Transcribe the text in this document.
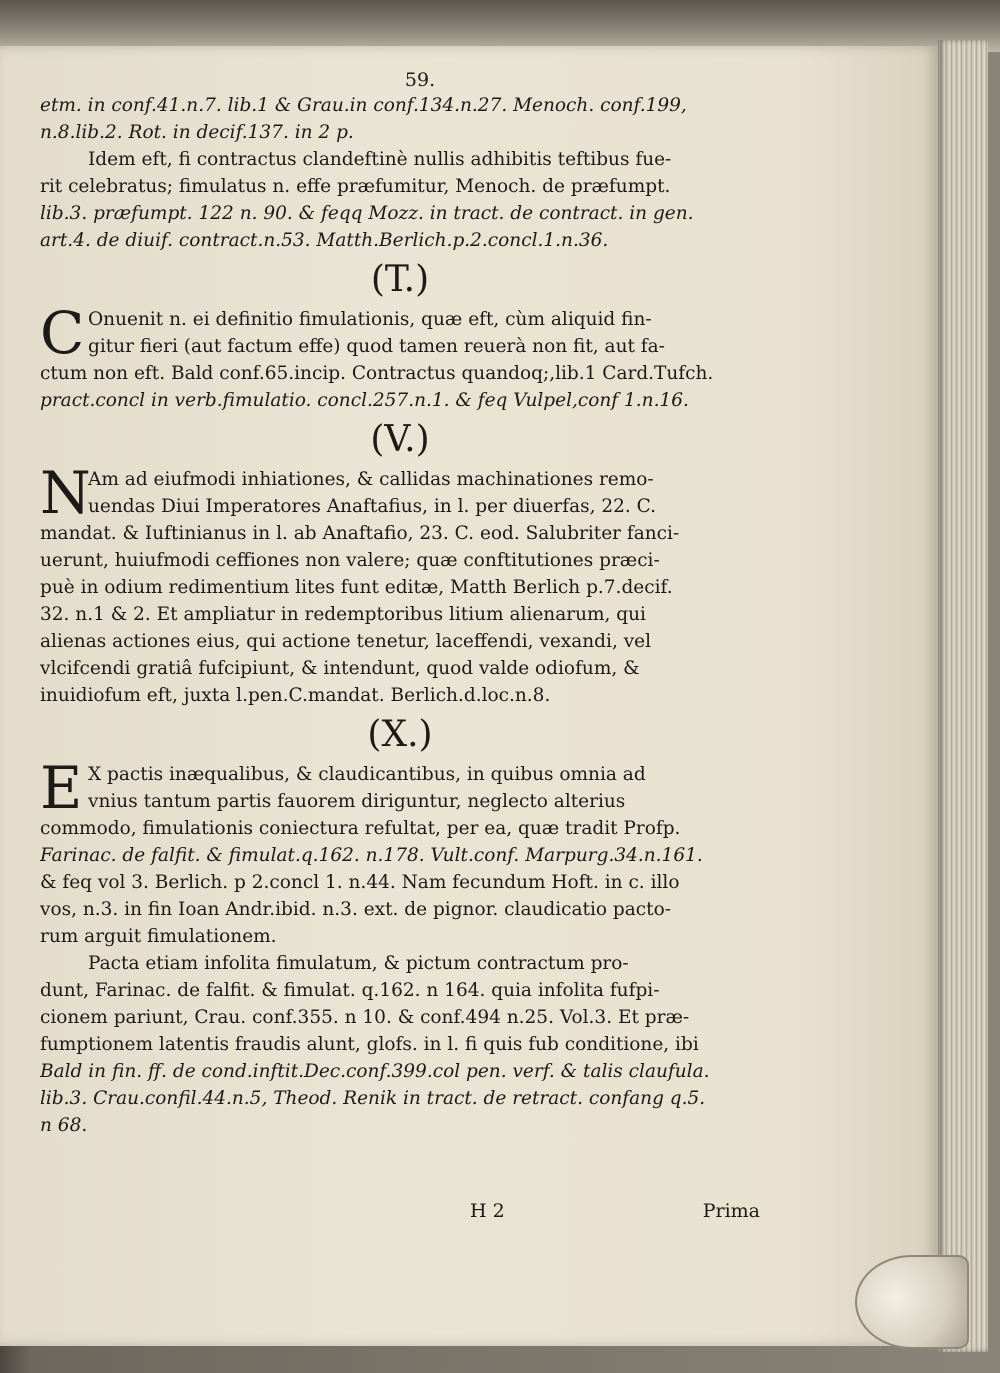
59.
etm. in conf.41.n.7. lib.1 & Grau.in conf.134.n.27. Menoch. conf.199,
n.8.lib.2. Rot. in decif.137. in 2 p.
Idem eft, fi contractus clandeftinè nullis adhibitis teftibus fue-
rit celebratus; fimulatus n. effe præfumitur, Menoch. de præfumpt.
lib.3. præfumpt. 122 n. 90. & feqq Mozz. in tract. de contract. in gen.
art.4. de diuif. contract.n.53. Matth.Berlich.p.2.concl.1.n.36.
(T.)
C Onuenit n. ei definitio fimulationis, quæ eft, cùm aliquid fin-
gitur fieri (aut factum effe) quod tamen reuerà non fit, aut fa-
ctum non eft. Bald conf.65.incip. Contractus quandoq;,lib.1 Card.Tufch.
pract.concl in verb.fimulatio. concl.257.n.1. & feq Vulpel,conf 1.n.16.
(V.)
N
Am ad eiufmodi inhiationes, & callidas machinationes remo-
uendas Diui Imperatores Anaftafius, in l. per diuerfas, 22. C.
mandat. & Iuftinianus in l. ab Anaftafio, 23. C. eod. Salubriter fanci-
uerunt, huiufmodi ceffiones non valere; quæ conftitutiones præci-
puè in odium redimentium lites funt editæ, Matth Berlich p.7.decif.
32. n.1 & 2. Et ampliatur in redemptoribus litium alienarum, qui
alienas actiones eius, qui actione tenetur, laceffendi, vexandi, vel
vlcifcendi gratiâ fufcipiunt, & intendunt, quod valde odiofum, &
inuidiofum eft, juxta l.pen.C.mandat. Berlich.d.loc.n.8.
(X.)
E X pactis inæqualibus, & claudicantibus, in quibus omnia ad
vnius tantum partis fauorem diriguntur, neglecto alterius
commodo, fimulationis coniectura refultat, per ea, quæ tradit Profp.
Farinac. de falfit. & fimulat.q.162. n.178. Vult.conf. Marpurg.34.n.161.
& feq vol 3. Berlich. p 2.concl 1. n.44. Nam fecundum Hoft. in c. illo
vos, n.3. in fin Ioan Andr.ibid. n.3. ext. de pignor. claudicatio pacto-
rum arguit fimulationem.
Pacta etiam infolita fimulatum, & pictum contractum pro-
dunt, Farinac. de falfit. & fimulat. q.162. n 164. quia infolita fufpi-
cionem pariunt, Crau. conf.355. n 10. & conf.494 n.25. Vol.3. Et præ-
fumptionem latentis fraudis alunt, glofs. in l. fi quis fub conditione, ibi
Bald in fin. ff. de cond.inftit.Dec.conf.399.col pen. verf. & talis claufula.
lib.3. Crau.confil.44.n.5, Theod. Renik in tract. de retract. confang q.5.
n 68.
H 2	Prima
